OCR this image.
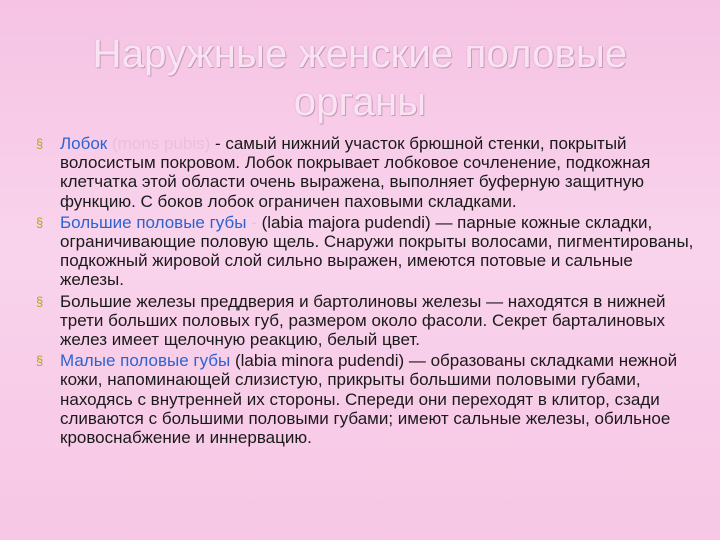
Наружные женские половые органы
§ Лобок (mons pubis) - самый нижний участок брюшной стенки, покрытый волосистым покровом. Лобок покрывает лобковое сочленение, подкожная клетчатка этой области очень выражена, выполняет буферную защитную функцию. С боков лобок ограничен паховыми складками.
§ Большие половые губы - (labia majora pudendi) — парные кожные складки, ограничивающие половую щель. Снаружи покрыты волосами, пигментированы, подкожный жировой слой сильно выражен, имеются потовые и сальные железы.
§ Большие железы преддверия и бартолиновы железы — находятся в нижней трети больших половых губ, размером около фасоли. Секрет барталиновых желез имеет щелочную реакцию, белый цвет.
§ Малые половые губы (labia minora pudendi) — образованы складками нежной кожи, напоминающей слизистую, прикрыты большими половыми губами, находясь с внутренней их стороны. Спереди они переходят в клитор, сзади сливаются с большими половыми губами; имеют сальные железы, обильное кровоснабжение и иннервацию.
